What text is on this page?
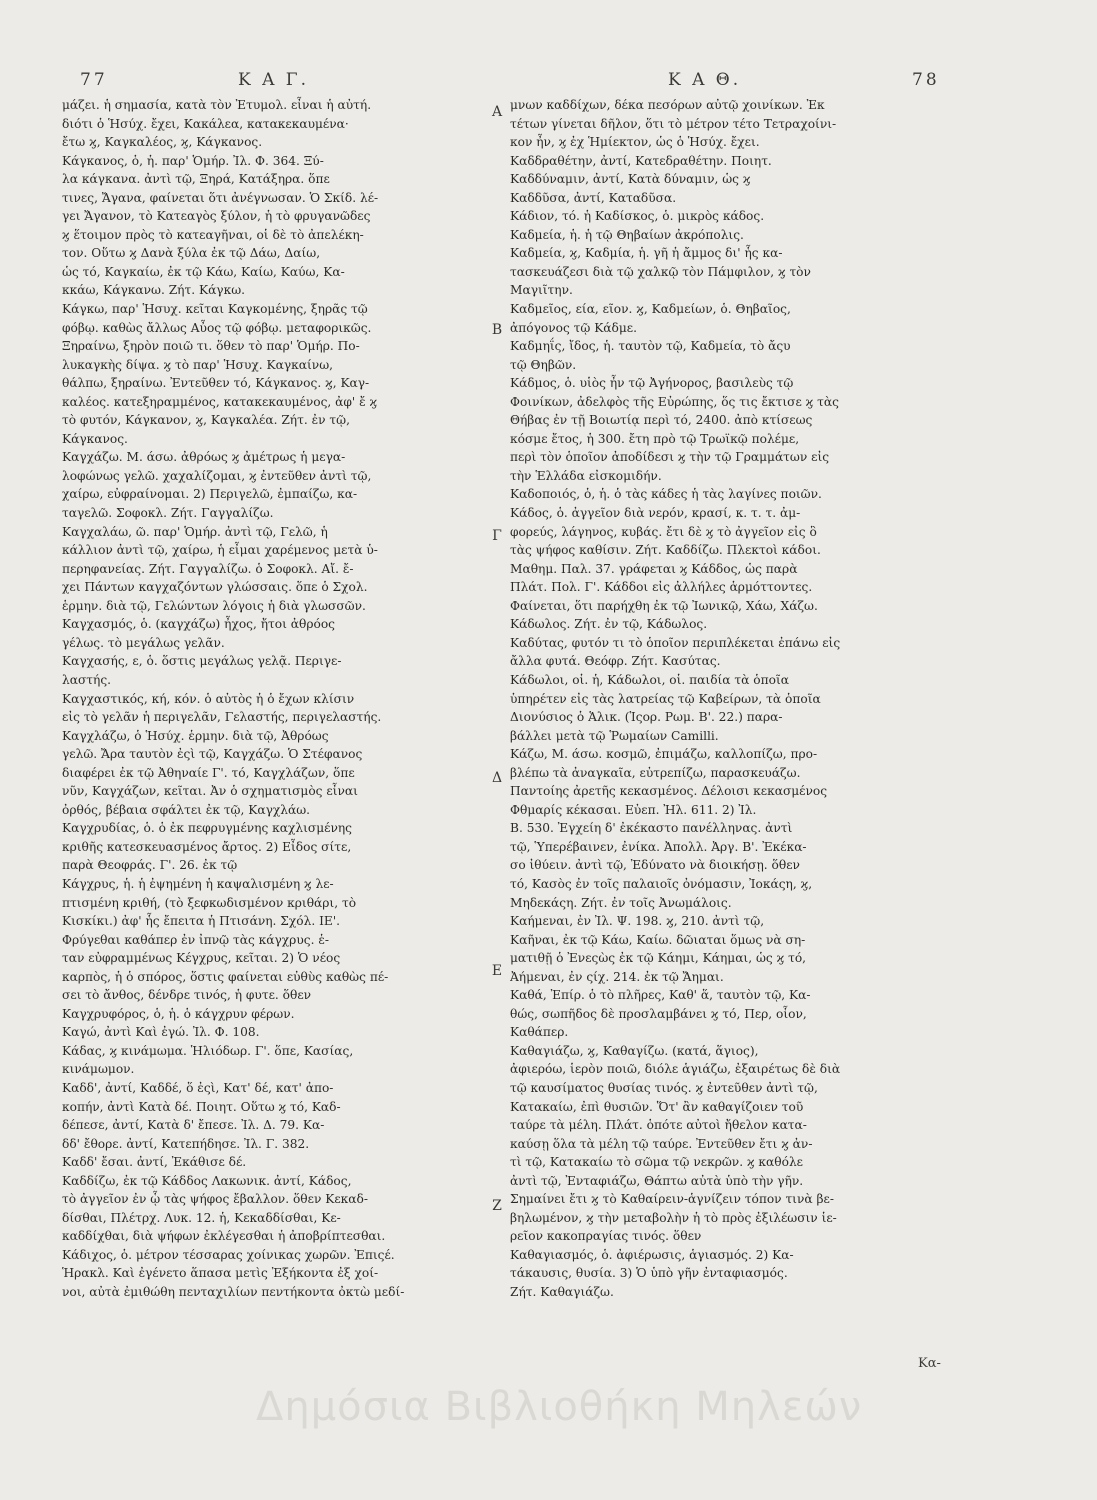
77	Κ Α Γ.	Κ Α Θ.	78

μάζει. ἡ σημασία, κατὰ τὸν Ἐτυμολ. εἶναι ἡ αὐτή.

διότι ὁ Ἡσύχ. ἔχει, Κακάλεα, κατακεκαυμένα·

ἔτω ϗ, Καγκαλέος, ϗ, Κάγκανος.

Κάγκανος, ὁ, ἡ. παρ' Ὁμήρ. Ἰλ. Φ. 364. Ξύ-

λα κάγκανα. ἀντὶ τῷ, Ξηρά, Κατάξηρα. ὅπε

τινες, Ἄγανα, φαίνεται ὅτι ἀνέγνωσαν. Ὁ Σκίδ. λέ-

γει Ἄγανον, τὸ Κατεαγὸς ξύλον, ἡ τὸ φρυγανῶδες

ϗ ἕτοιμον πρὸς τὸ κατεαγῆναι, οἱ δὲ τὸ ἀπελέκη-

τον. Οὕτω ϗ Δανὰ ξύλα ἐκ τῷ Δάω, Δαίω,

ὡς τό, Καγκαίω, ἐκ τῷ Κάω, Καίω, Καύω, Κα-

κκάω, Κάγκανω. Ζήτ. Κάγκω.

Κάγκω, παρ' Ἡσυχ. κεῖται Καγκομένης, ξηρᾶς τῷ

φόβῳ. καθὼς ἄλλως Αὖος τῷ φόβῳ. μεταφορικῶς.

Ξηραίνω, ξηρὸν ποιῶ τι. ὅθεν τὸ παρ' Ὁμήρ. Πο-

λυκαγκὴς δίψα. ϗ τὸ παρ' Ἡσυχ. Καγκαίνω,

θάλπω, ξηραίνω. Ἐντεῦθεν τό, Κάγκανος. ϗ, Καγ-

καλέος. κατεξηραμμένος, κατακεκαυμένος, ἀφ' ἔ ϗ

τὸ φυτόν, Κάγκανον, ϗ, Καγκαλέα. Ζήτ. ἐν τῷ,

Κάγκανος.

Καγχάζω. Μ. άσω. ἀθρόως ϗ ἀμέτρως ἡ μεγα-

λοφώνως γελῶ. χαχαλίζομαι, ϗ ἐντεῦθεν ἀντὶ τῷ,

χαίρω, εὐφραίνομαι. 2) Περιγελῶ, ἐμπαίζω, κα-

ταγελῶ. Σοφοκλ. Ζήτ. Γαγγαλίζω.

Καγχαλάω, ῶ. παρ' Ὁμήρ. ἀντὶ τῷ, Γελῶ, ἡ

κάλλιον ἀντὶ τῷ, χαίρω, ἡ εἶμαι χαρέμενος μετὰ ὑ-

περηφανείας. Ζήτ. Γαγγαλίζω. ὁ Σοφοκλ. Αἴ. ἔ-

χει Πάντων καγχαζόντων γλώσσαις. ὅπε ὁ Σχολ.

ἑρμην. διὰ τῷ, Γελώντων λόγοις ἡ διὰ γλωσσῶν.

Καγχασμός, ὁ. (καγχάζω) ἦχος, ἤτοι ἀθρόος

γέλως. τὸ μεγάλως γελᾶν.

Καγχασής, ε, ὁ. ὅστις μεγάλως γελᾷ. Περιγε-

λαστής.

Καγχαστικός, κή, κόν. ὁ αὐτὸς ἡ ὁ ἔχων κλίσιν

εἰς τὸ γελᾶν ἡ περιγελᾶν, Γελαστής, περιγελαστής.

Καγχλάζω, ὁ Ἡσύχ. ἑρμην. διὰ τῷ, Ἀθρόως

γελῶ. Ἄρα ταυτὸν ἐςὶ τῷ, Καγχάζω. Ὁ Στέφανος

διαφέρει ἐκ τῷ Ἀθηναίε Γ'. τό, Καγχλάζων, ὅπε

νῦν, Καγχάζων, κεῖται. Ἀν ὁ σχηματισμὸς εἶναι

ὀρθός, βέβαια σφάλτει ἐκ τῷ, Καγχλάω.

Καγχρυδίας, ὁ. ὁ ἐκ πεφρυγμένης καχλισμένης

κριθῆς κατεσκευασμένος ἄρτος. 2) Εἶδος σίτε,

παρὰ Θεοφράς. Γ'. 26. ἐκ τῷ

Κάγχρυς, ἡ. ἡ ἐψημένη ἡ καψαλισμένη ϗ λε-

πτισμένη κριθή, (τὸ ξεφκωδισμένον κριθάρι, τὸ

Κισκίκι.) ἀφ' ἧς ἔπειτα ἡ Πτισάνη. Σχόλ. ΙΕ'.

Φρύγεθαι καθάπερ ἐν ἰπνῷ τὰς κάγχρυς. ἑ-

ταν εὐφραμμένως Κέγχρυς, κεῖται. 2) Ὁ νέος

καρπὸς, ἡ ὁ σπόρος, ὅστις φαίνεται εὐθὺς καθὼς πέ-

σει τὸ ἄνθος, δένδρε τινός, ἡ φυτε. ὅθεν

Καγχρυφόρος, ὁ, ἡ. ὁ κάγχρυν φέρων.

Καγώ, ἀντὶ Καὶ ἐγώ. Ἰλ. Φ. 108.

Κάδας, ϗ κινάμωμα. Ἡλιόδωρ. Γ'. ὅπε, Κασίας,

κινάμωμον.

Καδδ', ἀντί, Καδδέ, ὅ ἐςὶ, Κατ' δέ, κατ' ἀπο-

κοπήν, ἀντὶ Κατὰ δέ. Ποιητ. Οὕτω ϗ τό, Καδ-

δέπεσε, ἀντί, Κατὰ δ' ἔπεσε. Ἰλ. Δ. 79. Κα-

δδ' ἔθορε. ἀντί, Κατεπήδησε. Ἰλ. Γ. 382.

Καδδ' ἔσαι. ἀντί, Ἐκάθισε δέ.

Καδδίζω, ἐκ τῷ Κάδδος Λακωνικ. ἀντί, Κάδος,

τὸ ἀγγεῖον ἐν ᾧ τὰς ψήφος ἔβαλλον. ὅθεν Κεκαδ-

δίσθαι, Πλέτρχ. Λυκ. 12. ἡ, Κεκαδδίσθαι, Κε-

καδδίχθαι, διὰ ψήφων ἐκλέγεσθαι ἡ ἀποβρίπτεσθαι.

Κάδιχος, ὁ. μέτρον τέσσαρας χοίνικας χωρῶν. Ἐπιςέ.

Ἡρακλ. Καὶ ἐγένετο ἅπασα μετὶς Ἐξήκοντα ἐξ χοί-

νοι, αὐτὰ ἐμιθώθη πενταχιλίων πεντήκοντα ὀκτὼ μεδί-

μνων καδδίχων, δέκα πεσόρων αὐτῷ χοινίκων. Ἐκ

τέτων γίνεται δῆλον, ὅτι τὸ μέτρον τέτο Τετραχοίνι-

κον ἦν, ϗ ἐχ Ἡμίεκτον, ὡς ὁ Ἡσύχ. ἔχει.

Καδδραθέτην, ἀντί, Κατεδραθέτην. Ποιητ.

Καδδύναμιν, ἀντί, Κατὰ δύναμιν, ὡς ϗ

Καδδῦσα, ἀντί, Καταδῦσα.

Κάδιον, τό. ἡ Καδίσκος, ὁ. μικρὸς κάδος.

Καδμεία, ἡ. ἡ τῷ Θηβαίων ἀκρόπολις.

Καδμεία, ϗ, Καδμία, ἡ. γῆ ἡ ἄμμος δι' ἧς κα-

τασκευάζεσι διὰ τῷ χαλκῷ τὸν Πάμφιλον, ϗ τὸν

Μαγιῖτην.

Καδμεῖος, εία, εῖον. ϗ, Καδμείων, ὁ. Θηβαῖος,

ἀπόγονος τῷ Κάδμε.

Καδμηΐς, ἴδος, ἡ. ταυτὸν τῷ, Καδμεία, τὸ ἄςυ

τῷ Θηβῶν.

Κάδμος, ὁ. υἱὸς ἦν τῷ Ἀγήνορος, βασιλεὺς τῷ

Φοινίκων, ἀδελφὸς τῆς Εὐρώπης, ὅς τις ἔκτισε ϗ τὰς

Θήβας ἐν τῇ Βοιωτίᾳ περὶ τό, 2400. ἀπὸ κτίσεως

κόσμε ἔτος, ἡ 300. ἔτη πρὸ τῷ Τρωϊκῷ πολέμε,

περὶ τὸν ὁποῖον ἀποδίδεσι ϗ τὴν τῷ Γραμμάτων εἰς

τὴν Ἑλλάδα εἰσκομιδήν.

Καδοποιός, ὁ, ἡ. ὁ τὰς κάδες ἡ τὰς λαγίνες ποιῶν.

Κάδος, ὁ. ἀγγεῖον διὰ νερόν, κρασί, κ. τ. τ. ἀμ-

φορεύς, λάγηνος, κυβάς. ἔτι δὲ ϗ τὸ ἀγγεῖον εἰς ὃ

τὰς ψήφος καθίσιν. Ζήτ. Καδδίζω. Πλεκτοὶ κάδοι.

Μαθημ. Παλ. 37. γράφεται ϗ Κάδδος, ὡς παρὰ

Πλάτ. Πολ. Γ'. Κάδδοι εἰς ἀλλήλες ἁρμόττοντες.

Φαίνεται, ὅτι παρήχθη ἐκ τῷ Ἰωνικῷ, Χάω, Χάζω.

Κάδωλος. Ζήτ. ἐν τῷ, Κάδωλος.

Καδύτας, φυτόν τι τὸ ὁποῖον περιπλέκεται ἐπάνω εἰς

ἄλλα φυτά. Θεόφρ. Ζήτ. Κασύτας.

Κάδωλοι, οἱ. ἡ, Κάδωλοι, οἱ. παιδία τὰ ὁποῖα

ὑπηρέτεν εἰς τὰς λατρείας τῷ Καβείρων, τὰ ὁποῖα

Διονύσιος ὁ Ἁλικ. (Ἱςορ. Ρωμ. Β'. 22.) παρα-

βάλλει μετὰ τῷ Ῥωμαίων Camilli.

Κάζω, Μ. άσω. κοσμῶ, ἐπιμάζω, καλλοπίζω, προ-

βλέπω τὰ ἀναγκαῖα, εὐτρεπίζω, παρασκευάζω.

Παντοίης ἀρετῆς κεκασμένος. Δέλοισι κεκασμένος

Φθμαρίς κέκασαι. Εὐεπ. Ἠλ. 611. 2) Ἰλ.

Β. 530. Ἐγχείη δ' ἐκέκαστο πανέλληνας. ἀντὶ

τῷ, Ὑπερέβαινεν, ἐνίκα. Ἀπολλ. Ἀργ. Β'. Ἐκέκα-

σο ἰθύειν. ἀντὶ τῷ, Ἐδύνατο νὰ διοικήσῃ. ὅθεν

τό, Κασὸς ἐν τοῖς παλαιοῖς ὀνόμασιν, Ἰοκάςη, ϗ,

Μηδεκάςη. Ζήτ. ἐν τοῖς Ἀνωμάλοις.

Καήμεναι, ἐν Ἰλ. Ψ. 198. ϗ, 210. ἀντὶ τῷ,

Καῆναι, ἐκ τῷ Κάω, Καίω. δῶιαται ὅμως νὰ ση-

ματιθῇ ὁ Ἐνεςὼς ἐκ τῷ Κάημι, Κάημαι, ὡς ϗ τό,

Ἀήμεναι, ἐν ςίχ. 214. ἐκ τῷ Ἄημαι.

Καθά, Ἐπίρ. ὁ τὸ πλῆρες, Καθ' ἅ, ταυτὸν τῷ, Κα-

θώς, σωπῆδος δὲ προσλαμβάνει ϗ τό, Περ, οἷον,

Καθάπερ.

Καθαγιάζω, ϗ, Καθαγίζω. (κατά, ἅγιος),

ἀφιερόω, ἱερὸν ποιῶ, διόλε ἁγιάζω, ἐξαιρέτως δὲ διὰ

τῷ καυσίματος θυσίας τινός. ϗ ἐντεῦθεν ἀντὶ τῷ,

Κατακαίω, ἐπὶ θυσιῶν. Ὅτ' ἂν καθαγίζοιεν τοῦ

ταύρε τὰ μέλη. Πλάτ. ὁπότε αὐτοὶ ἤθελον κατα-

καύσῃ ὅλα τὰ μέλη τῷ ταύρε. Ἐντεῦθεν ἔτι ϗ ἀν-

τὶ τῷ, Κατακαίω τὸ σῶμα τῷ νεκρῶν. ϗ καθόλε

ἀντὶ τῷ, Ἐνταφιάζω, Θάπτω αὐτὰ ὑπὸ τὴν γῆν.

Σημαίνει ἔτι ϗ τὸ Καθαίρειν-ἁγνίζειν τόπον τινὰ βε-

βηλωμένον, ϗ τὴν μεταβολὴν ἡ τὸ πρὸς ἐξιλέωσιν ἱε-

ρεῖον κακοπραγίας τινός. ὅθεν

Καθαγιασμός, ὁ. ἀφιέρωσις, ἁγιασμός. 2) Κα-

τάκαυσις, θυσία. 3) Ὁ ὑπὸ γῆν ἐνταφιασμός.

Ζήτ. Καθαγιάζω.

Α
Β
Γ
Δ
Ε
Ζ
Κα-
Δημόσια Βιβλιοθήκη Μηλεών
